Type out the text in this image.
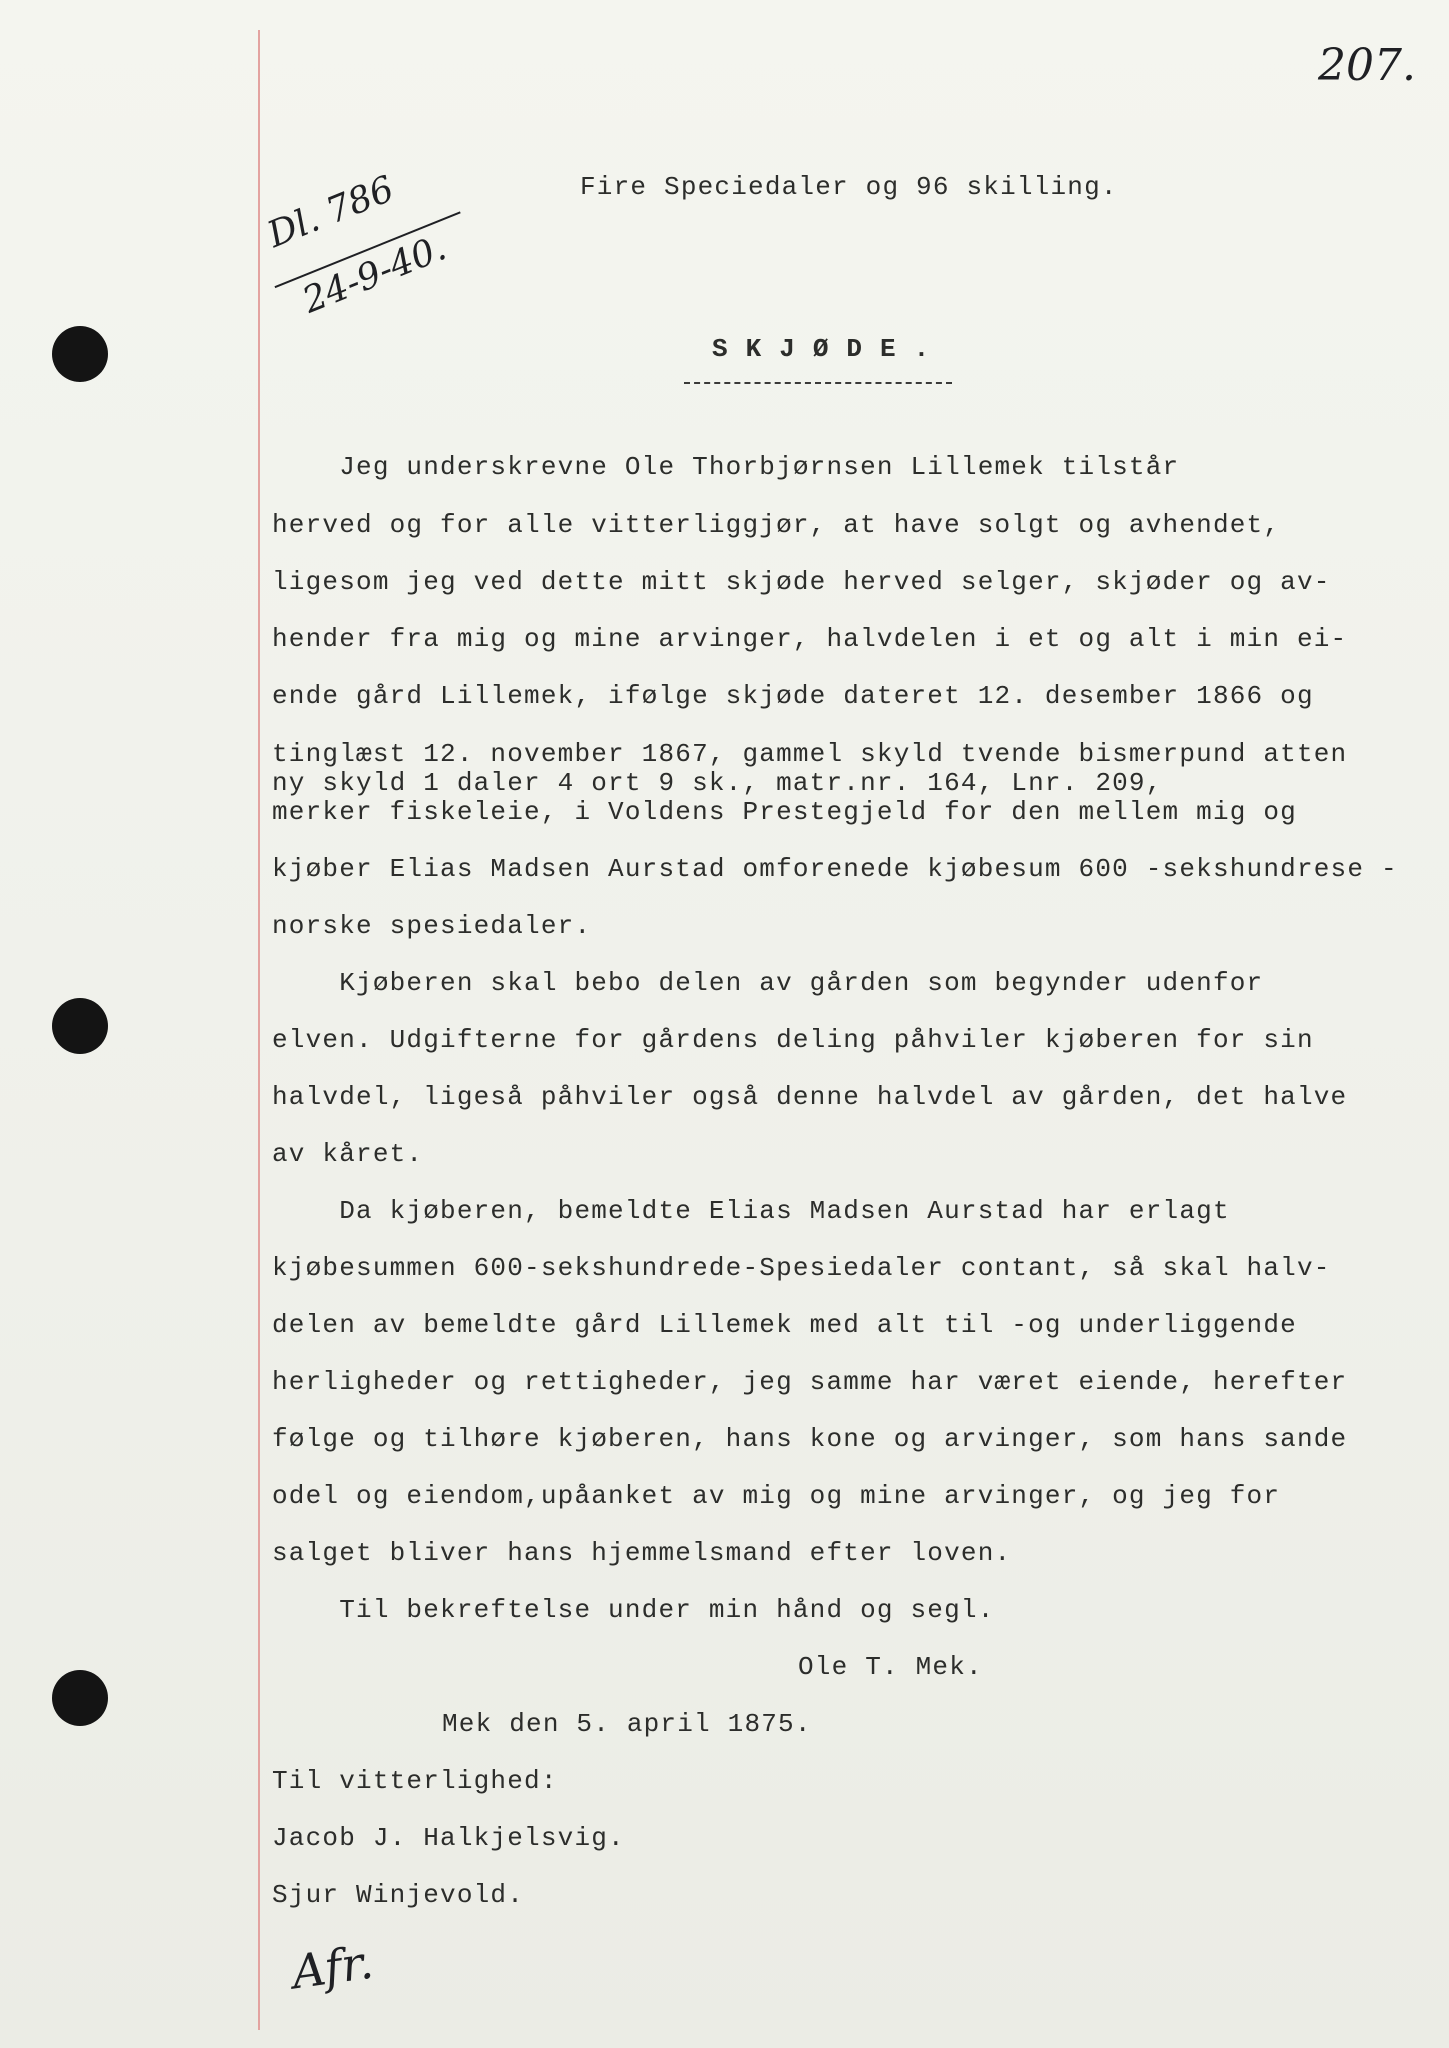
207.
Dl. 786
24-9-40.
Fire Speciedaler og 96 skilling.
S K J Ø D E .
Jeg underskrevne Ole Thorbjørnsen Lillemek tilstår
herved og for alle vitterliggjør, at have solgt og avhendet,
ligesom jeg ved dette mitt skjøde herved selger, skjøder og av-
hender fra mig og mine arvinger, halvdelen i et og alt i min ei-
ende gård Lillemek, ifølge skjøde dateret 12. desember 1866 og
tinglæst 12. november 1867, gammel skyld tvende bismerpund atten
ny skyld 1 daler 4 ort 9 sk., matr.nr. 164, Lnr. 209,
merker fiskeleie, i Voldens Prestegjeld for den mellem mig og
kjøber Elias Madsen Aurstad omforenede kjøbesum 600 -sekshundrese -
norske spesiedaler.
Kjøberen skal bebo delen av gården som begynder udenfor
elven. Udgifterne for gårdens deling påhviler kjøberen for sin
halvdel, ligeså påhviler også denne halvdel av gården, det halve
av kåret.
Da kjøberen, bemeldte Elias Madsen Aurstad har erlagt
kjøbesummen 600-sekshundrede-Spesiedaler contant, så skal halv-
delen av bemeldte gård Lillemek med alt til -og underliggende
herligheder og rettigheder, jeg samme har været eiende, herefter
følge og tilhøre kjøberen, hans kone og arvinger, som hans sande
odel og eiendom,upåanket av mig og mine arvinger, og jeg for
salget bliver hans hjemmelsmand efter loven.
Til bekreftelse under min hånd og segl.
Ole T. Mek.
Mek den 5. april 1875.
Til vitterlighed:
Jacob J. Halkjelsvig.
Sjur Winjevold.
Afr.
